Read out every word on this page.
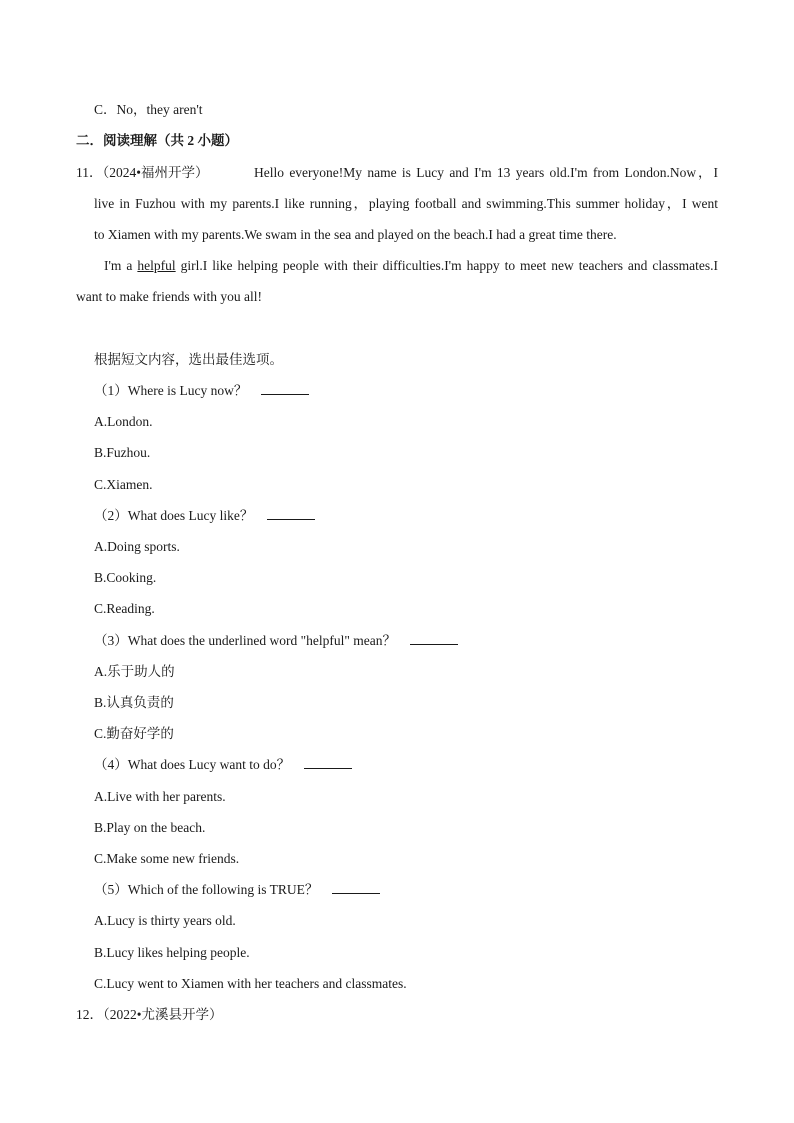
C．No，they aren't
二．阅读理解（共 2 小题）
11．（2024•福州开学）	Hello everyone!My name is Lucy and I'm 13 years old.I'm from London.Now，I
live in Fuzhou with my parents.I like running，playing football and swimming.This summer holiday，I went
to Xiamen with my parents.We swam in the sea and played on the beach.I had a great time there.
I'm a helpful girl.I like helping people with their difficulties.I'm happy to meet new teachers and classmates.I
want to make friends with you all!
根据短文内容，选出最佳选项。
（1）Where is Lucy now？
A.London.
B.Fuzhou.
C.Xiamen.
（2）What does Lucy like？
A.Doing sports.
B.Cooking.
C.Reading.
（3）What does the underlined word "helpful" mean？
A.乐于助人的
B.认真负责的
C.勤奋好学的
（4）What does Lucy want to do？
A.Live with her parents.
B.Play on the beach.
C.Make some new friends.
（5）Which of the following is TRUE？
A.Lucy is thirty years old.
B.Lucy likes helping people.
C.Lucy went to Xiamen with her teachers and classmates.
12．（2022•尤溪县开学）
